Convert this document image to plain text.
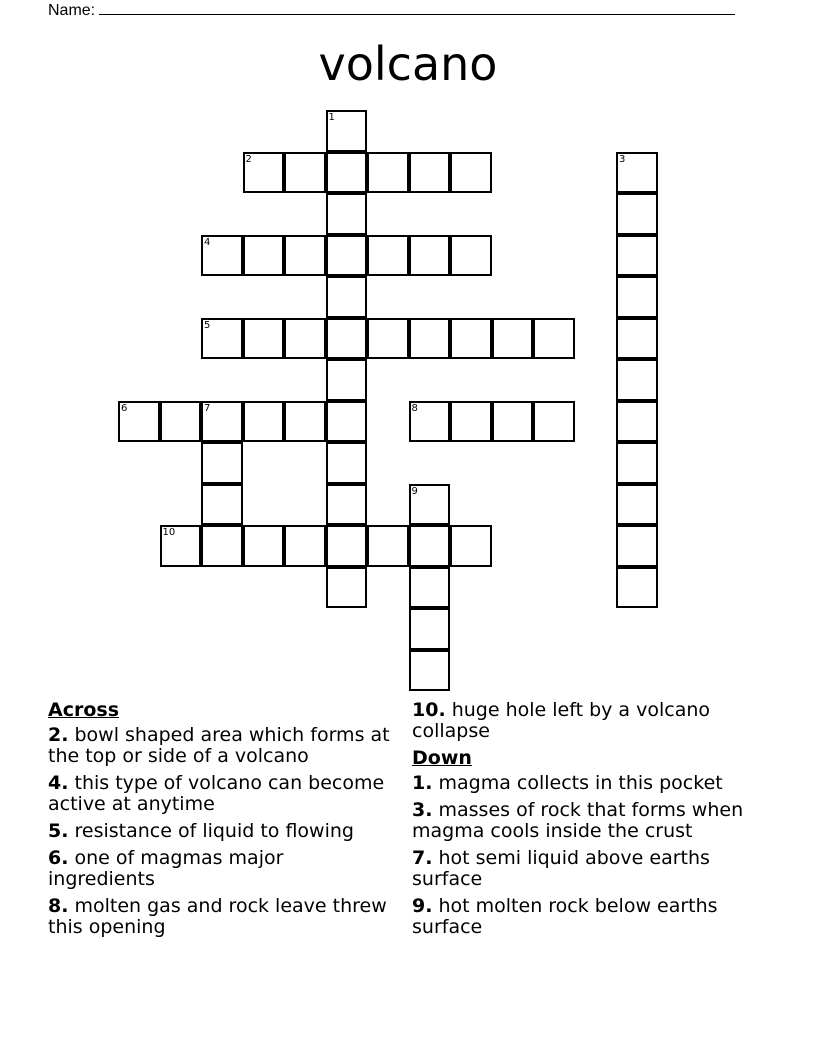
Name:
volcano
1
2	3
4
5
6	7	8
9
10
Across
2. bowl shaped area which forms at the top or side of a volcano
4. this type of volcano can become active at anytime
5. resistance of liquid to flowing
6. one of magmas major ingredients
8. molten gas and rock leave threw this opening
10. huge hole left by a volcano collapse
Down
1. magma collects in this pocket
3. masses of rock that forms when magma cools inside the crust
7. hot semi liquid above earths surface
9. hot molten rock below earths surface
